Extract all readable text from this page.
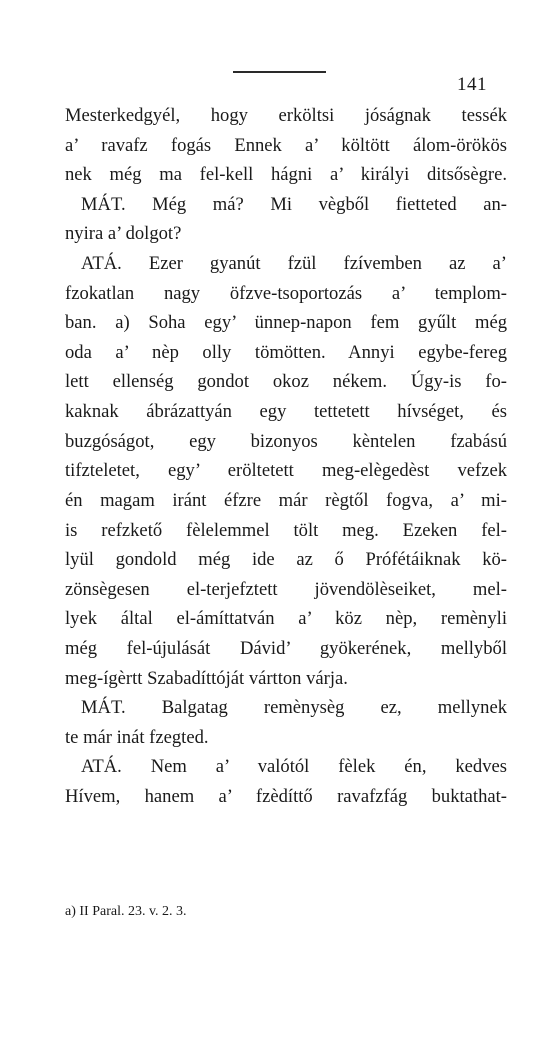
141
Mesterkedgyél, hogy erköltsi jóságnak tessék
a’ ravafz fogás Ennek a’ költött álom-örökös
nek még ma fel-kell hágni a’ királyi ditsősègre.
MÁT. Még má? Mi vègből fietteted an-
nyira a’ dolgot?
ATÁ. Ezer gyanút fzül fzívemben az a’
fzokatlan nagy öfzve-tsoportozás a’ templom-
ban. a) Soha egy’ ünnep-napon fem gyűlt még
oda a’ nèp olly tömötten. Annyi egybe-fereg
lett ellenség gondot okoz nékem. Úgy-is fo-
kaknak ábrázattyán egy tettetett hívséget, és
buzgóságot, egy bizonyos kèntelen fzabású
tifzteletet, egy’ eröltetett meg-elègedèst vefzek
én magam iránt éfzre már règtől fogva, a’ mi-
is refzkető fèlelemmel tölt meg. Ezeken fel-
lyül gondold még ide az ő Prófétáiknak kö-
zönsègesen el-terjefztett jövendölèseiket, mel-
lyek által el-ámíttatván a’ köz nèp, remènyli
még fel-újulását Dávid’ gyökerének, mellyből
meg-ígèrtt Szabadíttóját vártton várja.
MÁT. Balgatag remènysèg ez, mellynek
te már inát fzegted.
ATÁ. Nem a’ valótól fèlek én, kedves
Hívem, hanem a’ fzèdíttő ravafzfág buktathat-
a) II Paral. 23. v. 2. 3.
